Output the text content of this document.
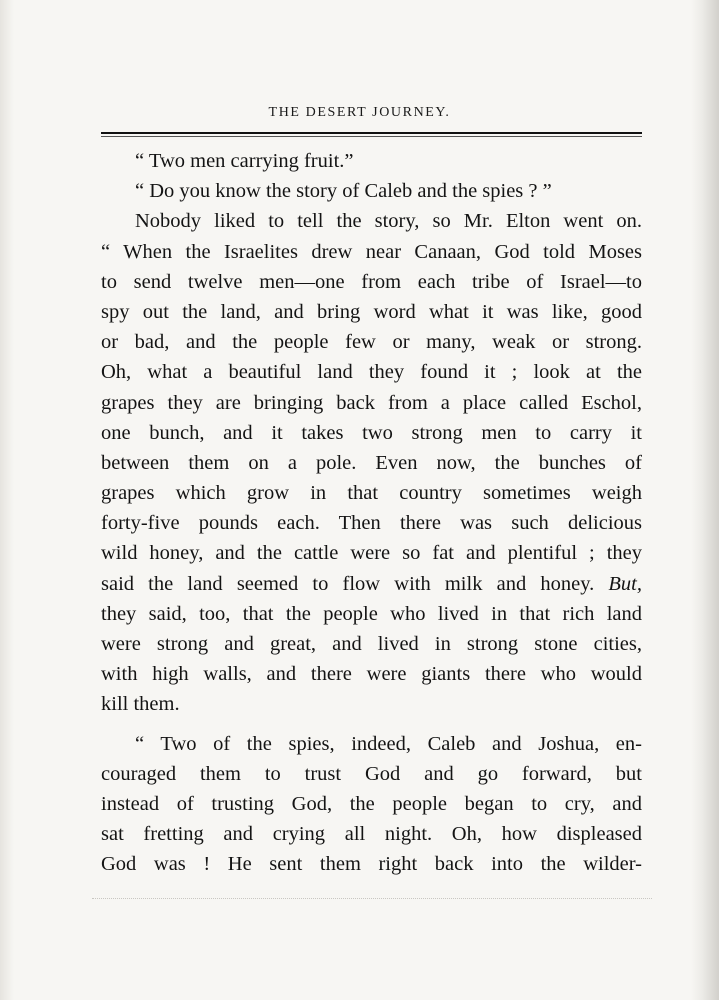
THE DESERT JOURNEY.
“ Two men carrying fruit.”
“ Do you know the story of Caleb and the spies ? ”
Nobody liked to tell the story, so Mr. Elton went on.
“ When the Israelites drew near Canaan, God told Moses
to send twelve men—one from each tribe of Israel—to
spy out the land, and bring word what it was like, good
or bad, and the people few or many, weak or strong.
Oh, what a beautiful land they found it ; look at the
grapes they are bringing back from a place called Eschol,
one bunch, and it takes two strong men to carry it
between them on a pole. Even now, the bunches of
grapes which grow in that country sometimes weigh
forty-five pounds each. Then there was such delicious
wild honey, and the cattle were so fat and plentiful ; they
said the land seemed to flow with milk and honey. But,
they said, too, that the people who lived in that rich land
were strong and great, and lived in strong stone cities,
with high walls, and there were giants there who would
kill them.
“ Two of the spies, indeed, Caleb and Joshua, en-
couraged them to trust God and go forward, but
instead of trusting God, the people began to cry, and
sat fretting and crying all night. Oh, how displeased
God was ! He sent them right back into the wilder-
